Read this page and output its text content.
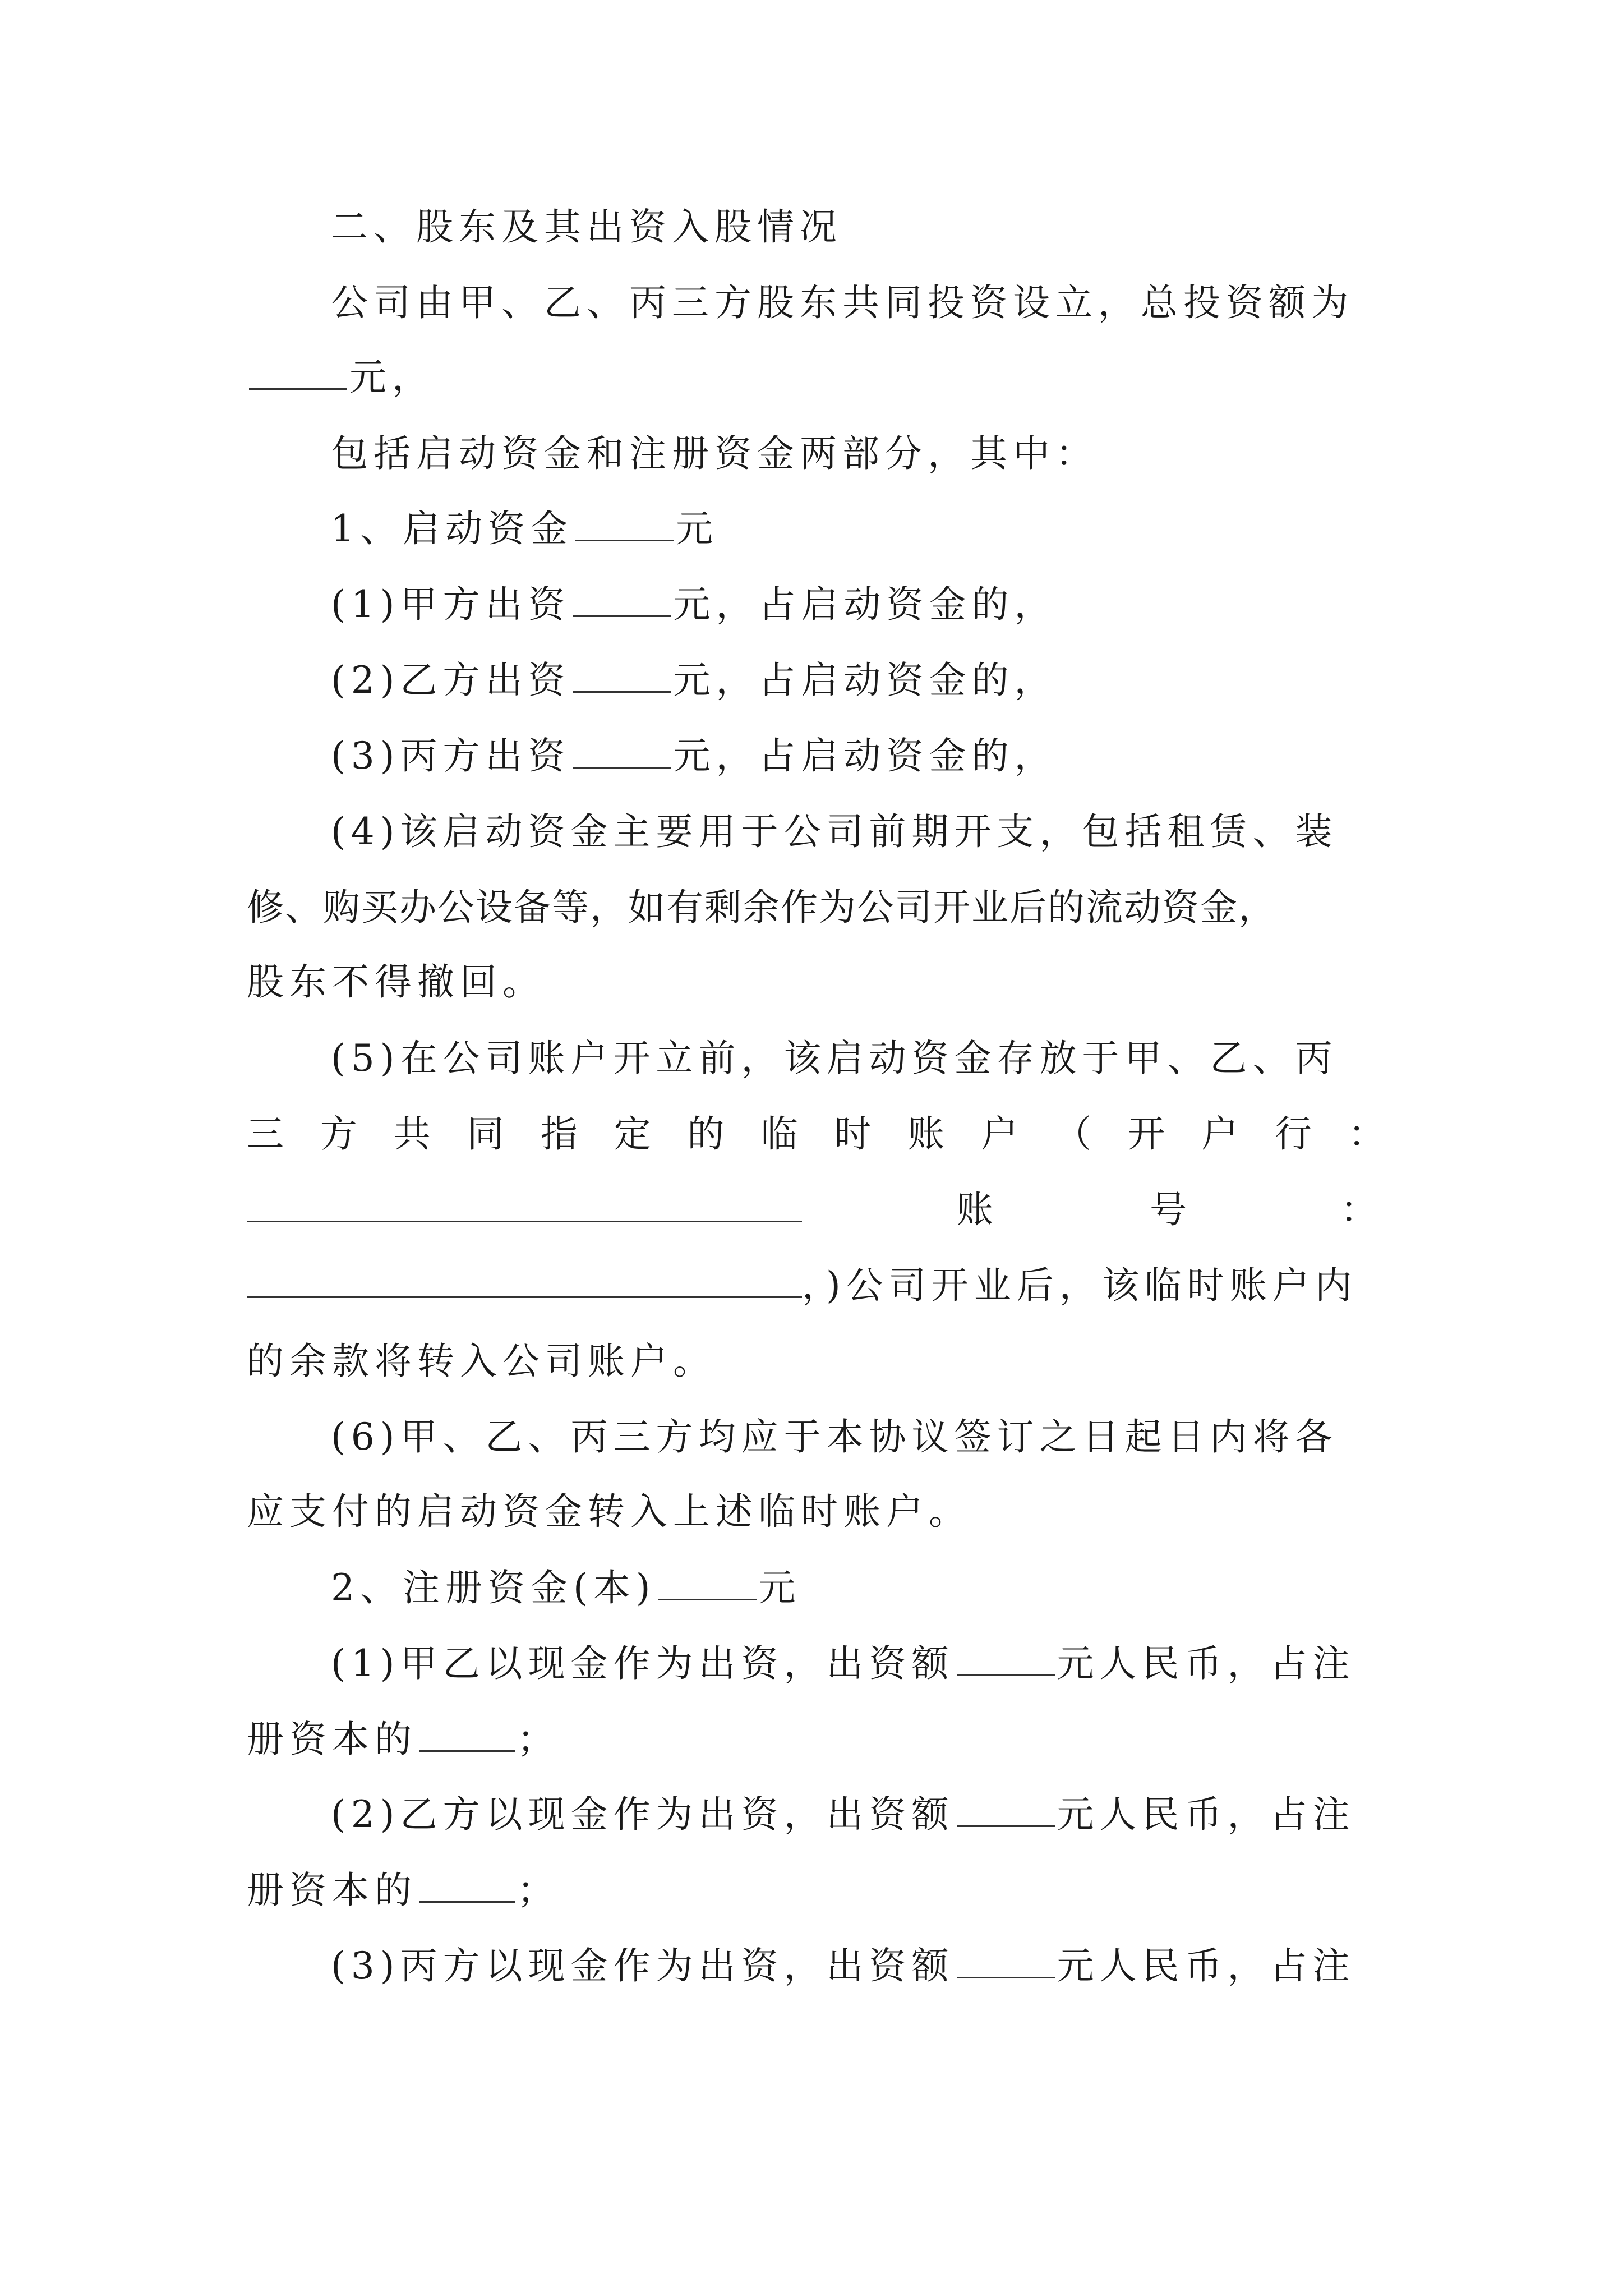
二、股东及其出资入股情况
公司由甲、乙、丙三方股东共同投资设立，总投资额为
元，
包括启动资金和注册资金两部分，其中：
1、启动资金	元
(1)甲方出资	元，占启动资金的，
(2)乙方出资	元，占启动资金的，
(3)丙方出资	元，占启动资金的，
(4)该启动资金主要用于公司前期开支，包括租赁、装
修、购买办公设备等，如有剩余作为公司开业后的流动资金，
股东不得撤回。
(5)在公司账户开立前，该启动资金存放于甲、乙、丙
三 方 共 同 指 定 的 临 时 账 户 （ 开 户 行 ：
账	号	：
，)公司开业后，该临时账户内
的余款将转入公司账户。
(6)甲、乙、丙三方均应于本协议签订之日起日内将各
应支付的启动资金转入上述临时账户。
2、注册资金(本)	元
(1)甲乙以现金作为出资，出资额	元人民币，占注
册资本的	；
(2)乙方以现金作为出资，出资额	元人民币，占注
册资本的	；
(3)丙方以现金作为出资，出资额	元人民币，占注
